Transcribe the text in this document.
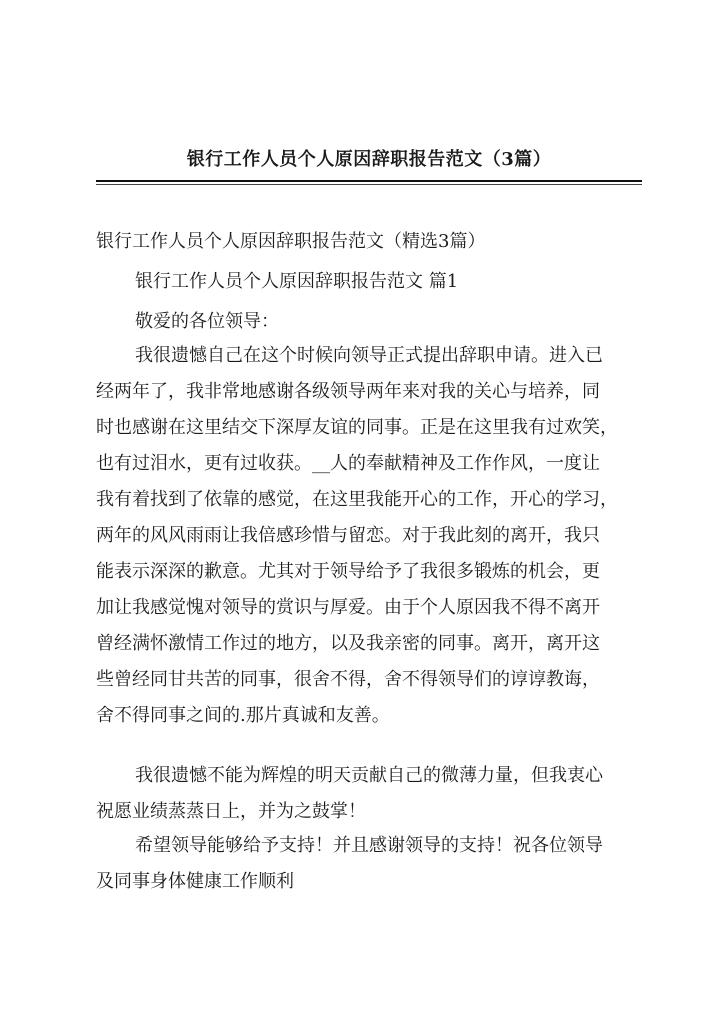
银行工作人员个人原因辞职报告范文（3篇）
银行工作人员个人原因辞职报告范文（精选3篇）
银行工作人员个人原因辞职报告范文 篇1
敬爱的各位领导：

我很遗憾自己在这个时候向领导正式提出辞职申请。进入已

经两年了，我非常地感谢各级领导两年来对我的关心与培养，同

时也感谢在这里结交下深厚友谊的同事。正是在这里我有过欢笑，

也有过泪水，更有过收获。__人的奉献精神及工作作风，一度让

我有着找到了依靠的感觉，在这里我能开心的工作，开心的学习，

两年的风风雨雨让我倍感珍惜与留恋。对于我此刻的离开，我只

能表示深深的歉意。尤其对于领导给予了我很多锻炼的机会，更

加让我感觉愧对领导的赏识与厚爱。由于个人原因我不得不离开

曾经满怀激情工作过的地方，以及我亲密的同事。离开，离开这

些曾经同甘共苦的同事，很舍不得，舍不得领导们的谆谆教诲，

舍不得同事之间的.那片真诚和友善。

我很遗憾不能为辉煌的明天贡献自己的微薄力量，但我衷心

祝愿业绩蒸蒸日上，并为之鼓掌！

希望领导能够给予支持！并且感谢领导的支持！祝各位领导

及同事身体健康工作顺利
